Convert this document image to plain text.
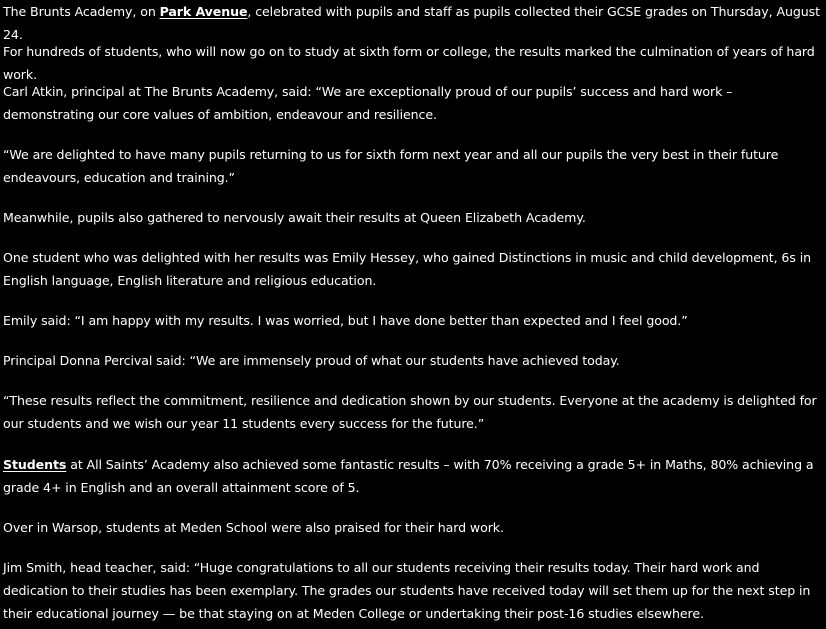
The Brunts Academy, on Park Avenue, celebrated with pupils and staff as pupils collected their GCSE grades on Thursday, August 24.

For hundreds of students, who will now go on to study at sixth form or college, the results marked the culmination of years of hard work.

Carl Atkin, principal at The Brunts Academy, said: “We are exceptionally proud of our pupils’ success and hard work – demonstrating our core values of ambition, endeavour and resilience.

“We are delighted to have many pupils returning to us for sixth form next year and all our pupils the very best in their future endeavours, education and training.”

Meanwhile, pupils also gathered to nervously await their results at Queen Elizabeth Academy.

One student who was delighted with her results was Emily Hessey, who gained Distinctions in music and child development, 6s in English language, English literature and religious education.

Emily said: “I am happy with my results. I was worried, but I have done better than expected and I feel good.”

Principal Donna Percival said: “We are immensely proud of what our students have achieved today.

“These results reflect the commitment, resilience and dedication shown by our students. Everyone at the academy is delighted for our students and we wish our year 11 students every success for the future.”

Students at All Saints’ Academy also achieved some fantastic results – with 70% receiving a grade 5+ in Maths, 80% achieving a grade 4+ in English and an overall attainment score of 5.

Over in Warsop, students at Meden School were also praised for their hard work.

Jim Smith, head teacher, said: “Huge congratulations to all our students receiving their results today. Their hard work and dedication to their studies has been exemplary. The grades our students have received today will set them up for the next step in their educational journey — be that staying on at Meden College or undertaking their post-16 studies elsewhere.
